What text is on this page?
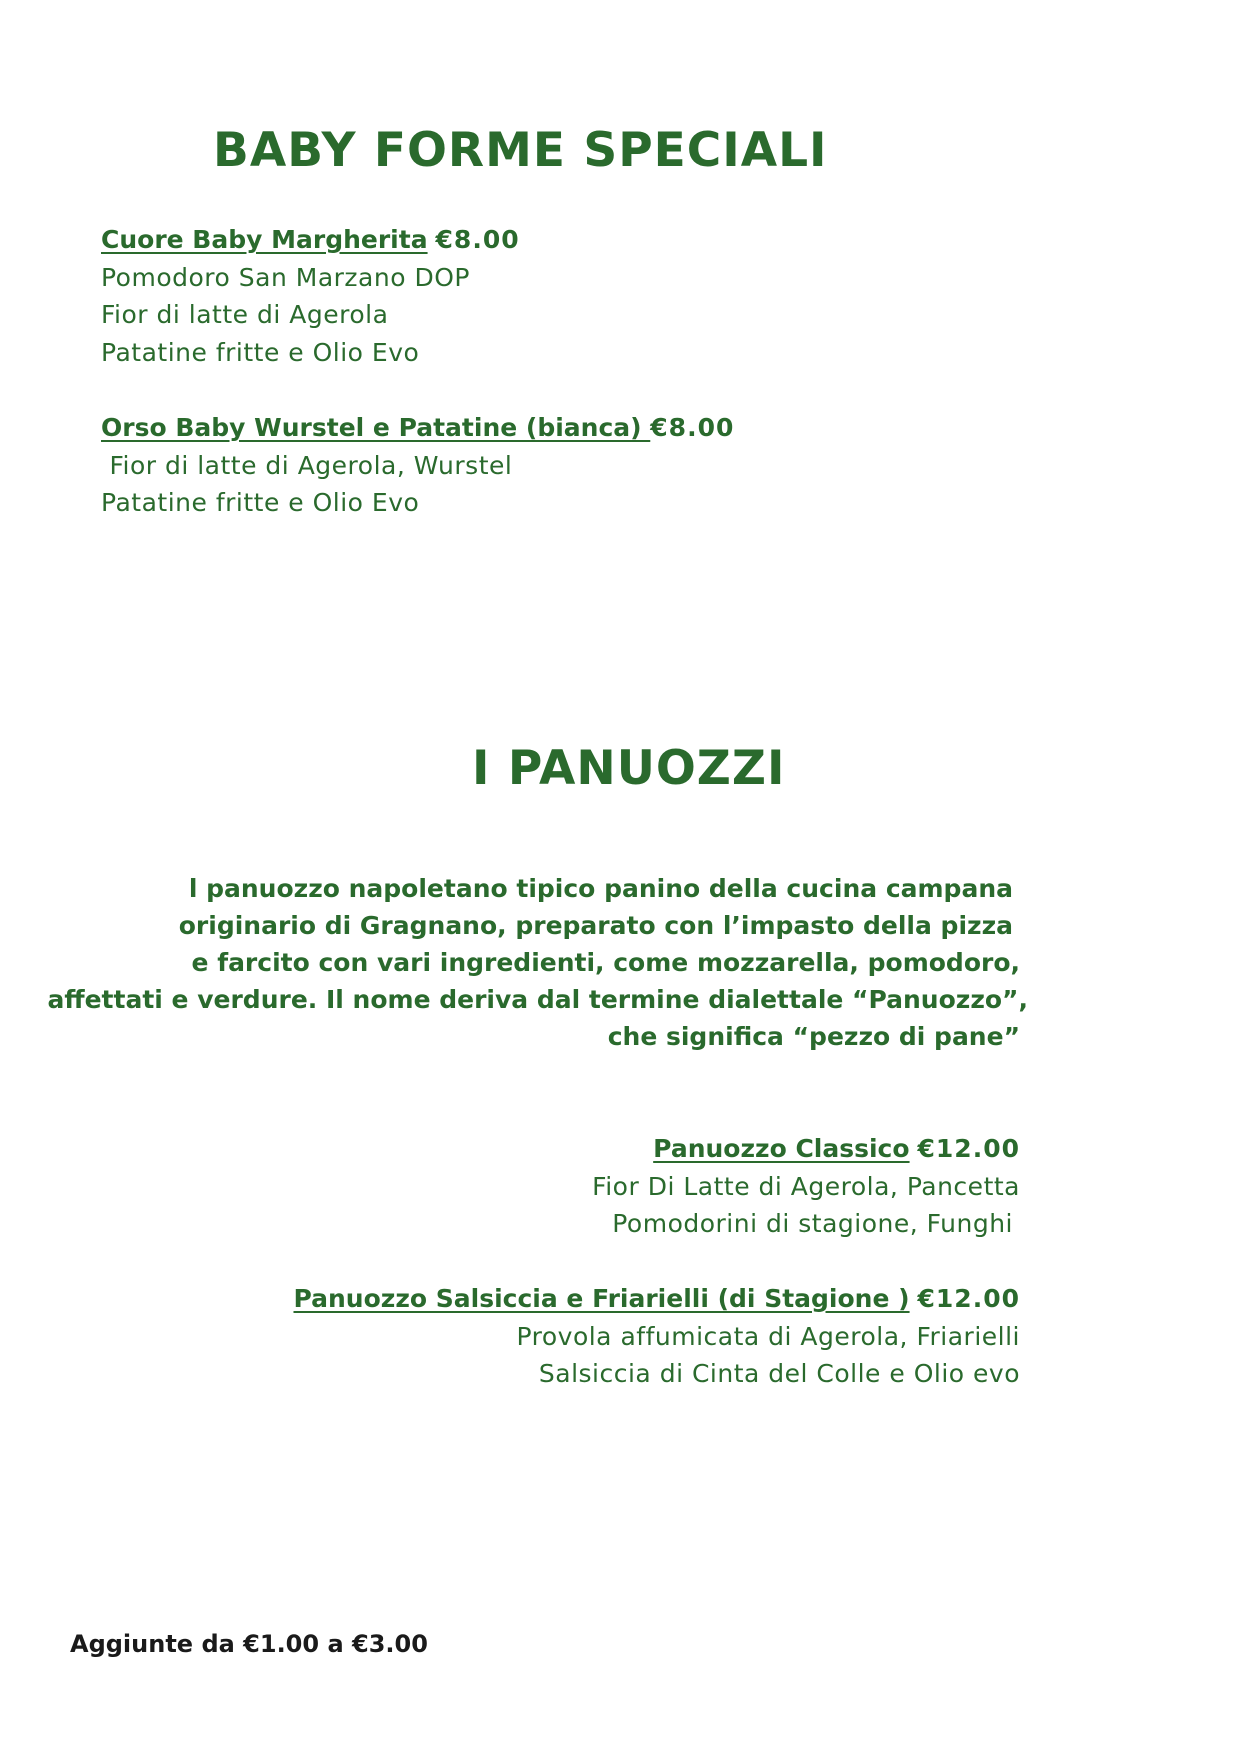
BABY FORME SPECIALI
Cuore Baby Margherita €8.00
Pomodoro San Marzano DOP
Fior di latte di Agerola
Patatine fritte e Olio Evo
Orso Baby Wurstel e Patatine (bianca) €8.00
Fior di latte di Agerola, Wurstel
Patatine fritte e Olio Evo
I PANUOZZI
l panuozzo napoletano tipico panino della cucina campana
originario di Gragnano, preparato con l’impasto della pizza
e farcito con vari ingredienti, come mozzarella, pomodoro,
affettati e verdure. Il nome deriva dal termine dialettale “Panuozzo”,
che significa “pezzo di pane”
Panuozzo Classico €12.00
Fior Di Latte di Agerola, Pancetta
Pomodorini di stagione, Funghi
Panuozzo Salsiccia e Friarielli (di Stagione ) €12.00
Provola affumicata di Agerola, Friarielli
Salsiccia di Cinta del Colle e Olio evo
Aggiunte da €1.00 a €3.00
